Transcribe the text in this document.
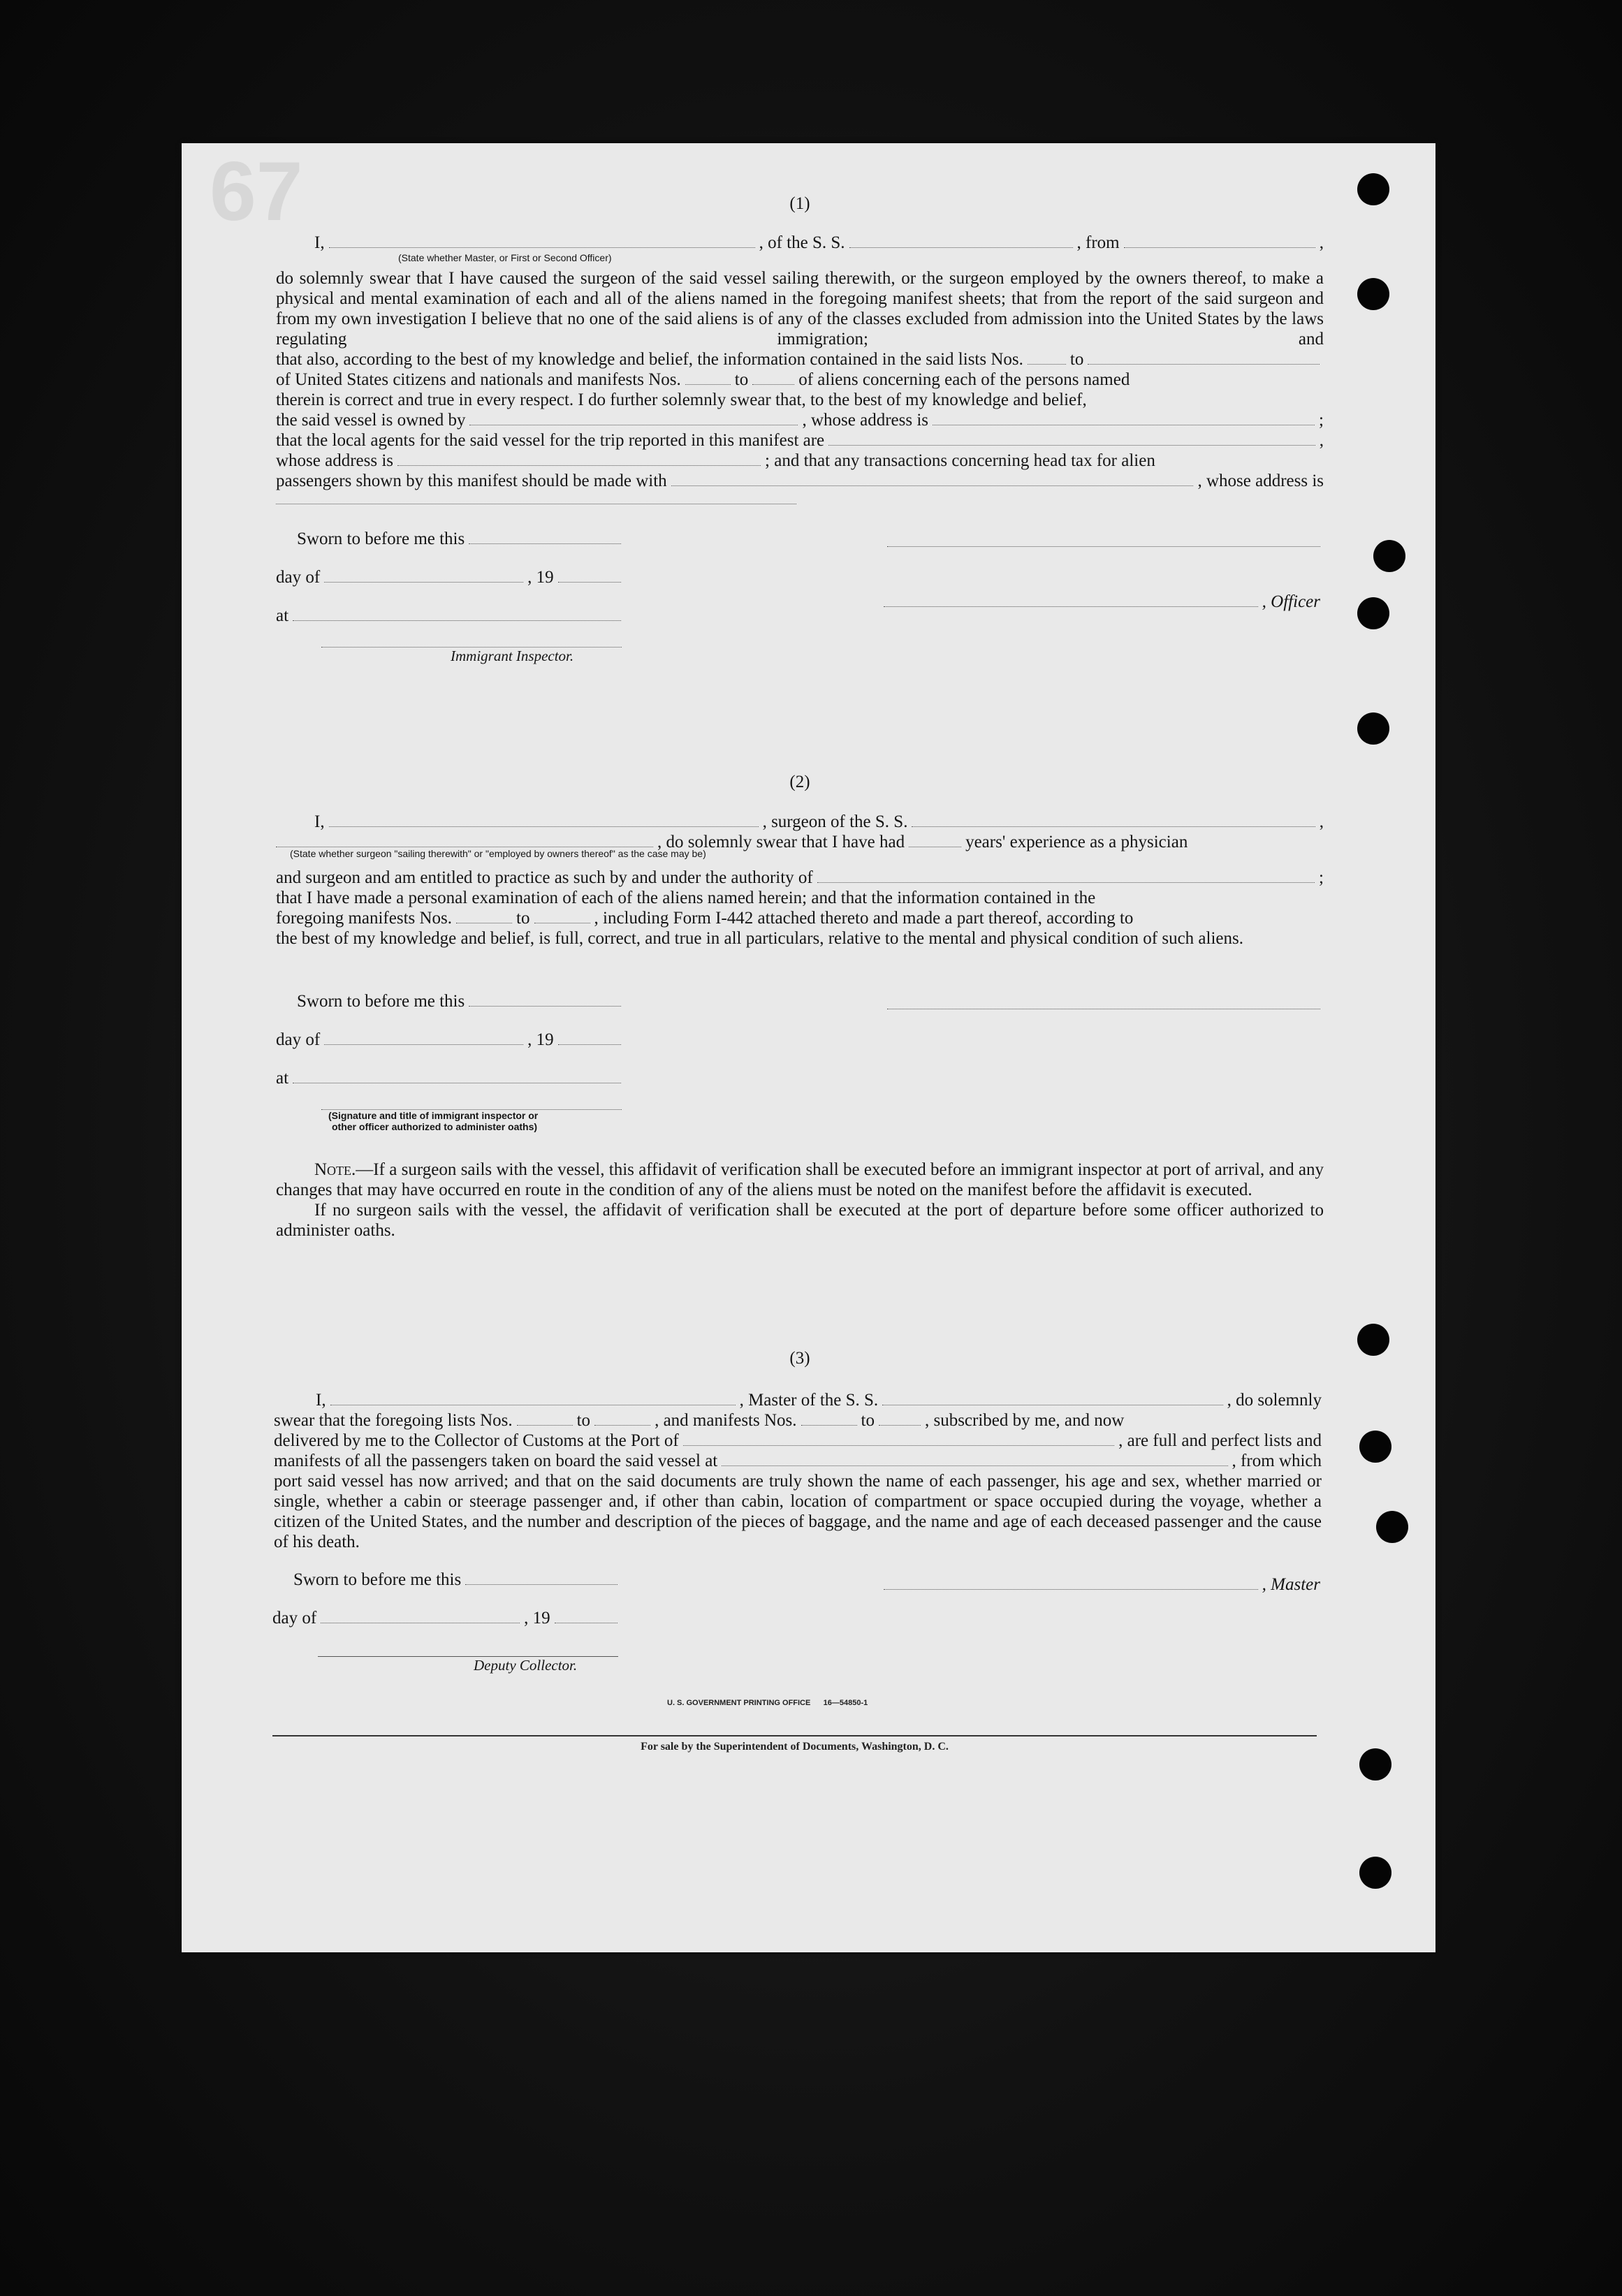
67	(1)
I,	, of the S. S.	, from	,
(State whether Master, or First or Second Officer)

do solemnly swear that I have caused the surgeon of the said vessel sailing therewith, or the surgeon employed by the owners thereof, to make a physical and mental examination of each and all of the aliens named in the foregoing manifest sheets; that from the report of the said surgeon and from my own investigation I believe that no one of the said aliens is of any of the classes excluded from admission into the United States by the laws regulating immigration; and

that also, according to the best of my knowledge and belief, the information contained in the said lists Nos.	to
of United States citizens and nationals and manifests Nos.	to	of aliens concerning each of the persons named
therein is correct and true in every respect. I do further solemnly swear that, to the best of my knowledge and belief,
the said vessel is owned by	, whose address is	;
that the local agents for the said vessel for the trip reported in this manifest are	,
whose address is	; and that any transactions concerning head tax for alien
passengers shown by this manifest should be made with	, whose address is
Sworn to before me this
day of	, 19
at
Immigrant Inspector.
, Officer
(2)
I,	, surgeon of the S. S.	,
, do solemnly swear that I have had	years' experience as a physician
(State whether surgeon "sailing therewith" or "employed by owners thereof" as the case may be)
and surgeon and am entitled to practice as such by and under the authority of	;
that I have made a personal examination of each of the aliens named herein; and that the information contained in the
foregoing manifests Nos.	to	, including Form I-442 attached thereto and made a part thereof, according to

the best of my knowledge and belief, is full, correct, and true in all particulars, relative to the mental and physical condition of such aliens.

Sworn to before me this
day of	, 19
at
(Signature and title of immigrant inspector or
other officer authorized to administer oaths)

Note.—If a surgeon sails with the vessel, this affidavit of verification shall be executed before an immigrant inspector at port of arrival, and any changes that may have occurred en route in the condition of any of the aliens must be noted on the manifest before the affidavit is executed.

If no surgeon sails with the vessel, the affidavit of verification shall be executed at the port of departure before some officer authorized to administer oaths.

(3)
I,	, Master of the S. S.	, do solemnly
swear that the foregoing lists Nos.	to	, and manifests Nos.	to	, subscribed by me, and now
delivered by me to the Collector of Customs at the Port of	, are full and perfect lists and
manifests of all the passengers taken on board the said vessel at	, from which

port said vessel has now arrived; and that on the said documents are truly shown the name of each passenger, his age and sex, whether married or single, whether a cabin or steerage passenger and, if other than cabin, location of compartment or space occupied during the voyage, whether a citizen of the United States, and the number and description of the pieces of baggage, and the name and age of each deceased passenger and the cause of his death.

Sworn to before me this
day of	, 19
Deputy Collector.
, Master
U. S. GOVERNMENT PRINTING OFFICE      16—54850-1
For sale by the Superintendent of Documents, Washington, D. C.
